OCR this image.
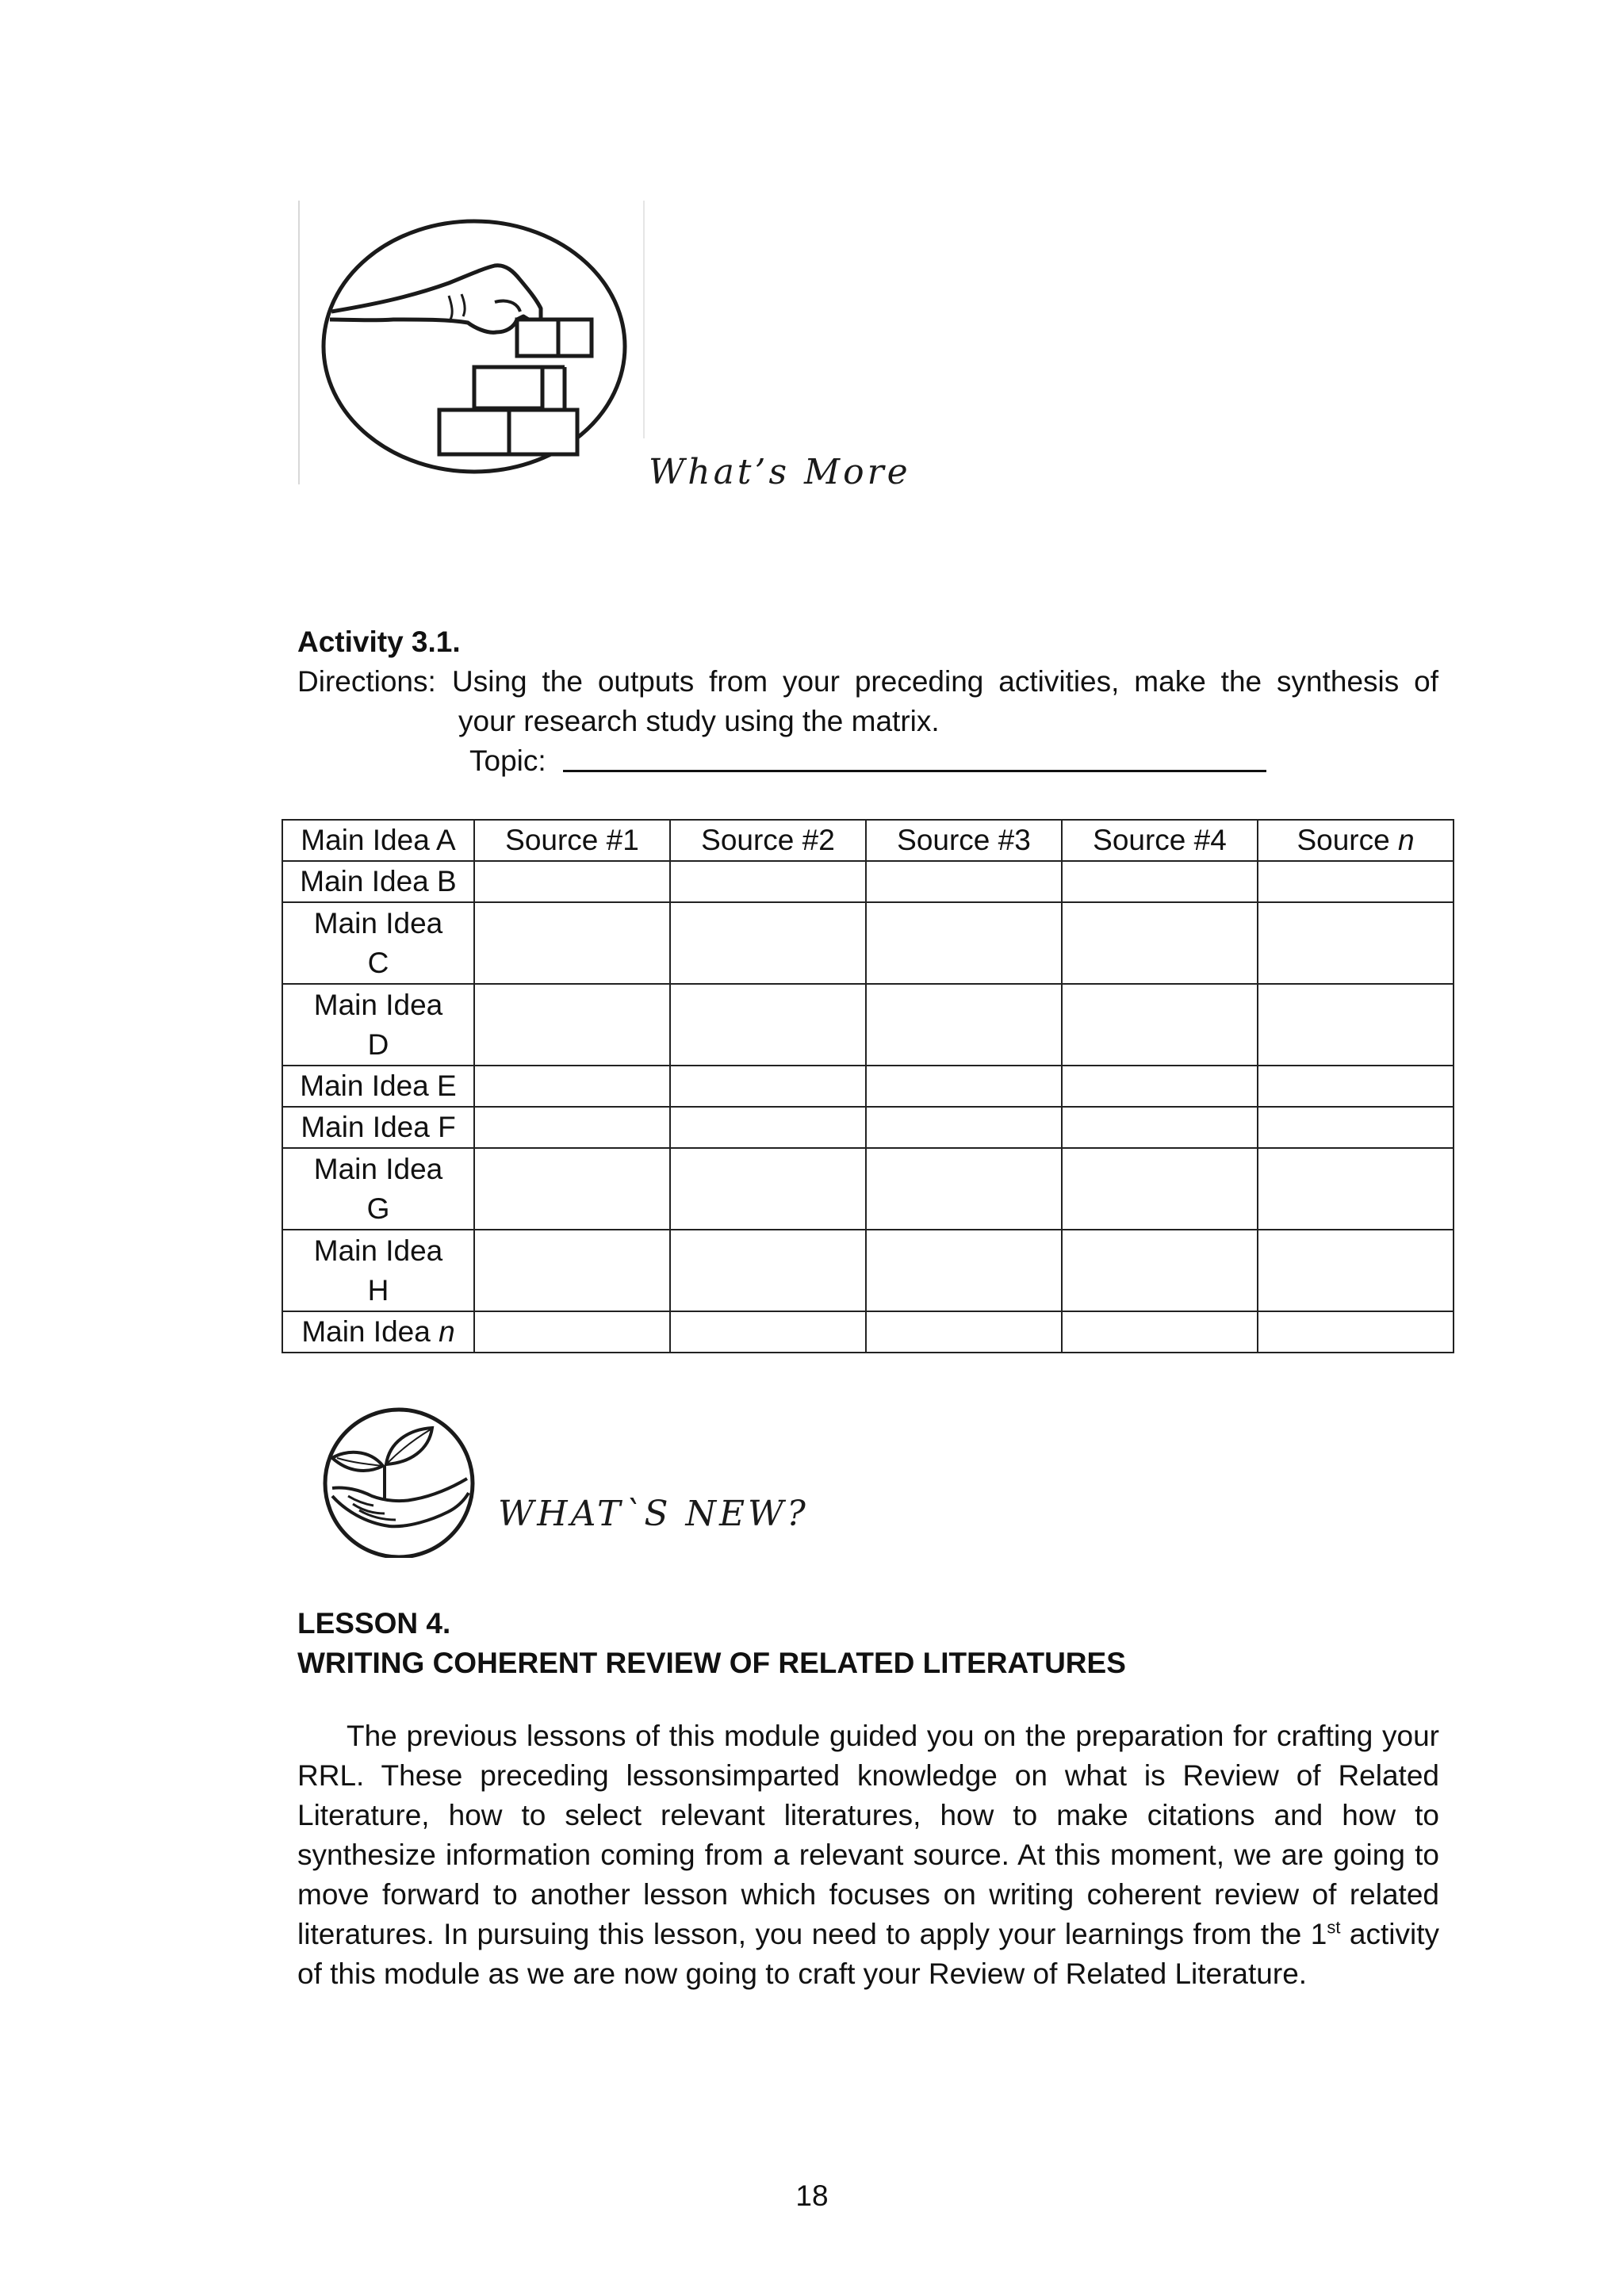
What’s More
Activity 3.1.
Directions: Using the outputs from your preceding activities, make the synthesis of
your research study using the matrix.
Topic:
Main Idea A	Source #1	Source #2	Source #3	Source #4	Source n
Main Idea B					
Main Idea
C					
Main Idea
D					
Main Idea E					
Main Idea F					
Main Idea
G					
Main Idea
H					
Main Idea n					
WHAT`S NEW?
LESSON 4.
WRITING COHERENT REVIEW OF RELATED LITERATURES

The previous lessons of this module guided you on the preparation for crafting your RRL. These preceding lessonsimparted knowledge on what is Review of Related Literature, how to select relevant literatures, how to make citations and how to synthesize information coming from a relevant source. At this moment, we are going to move forward to another lesson which focuses on writing coherent review of related literatures. In pursuing this lesson, you need to apply your learnings from the 1st activity of this module as we are now going to craft your Review of Related Literature.

18
